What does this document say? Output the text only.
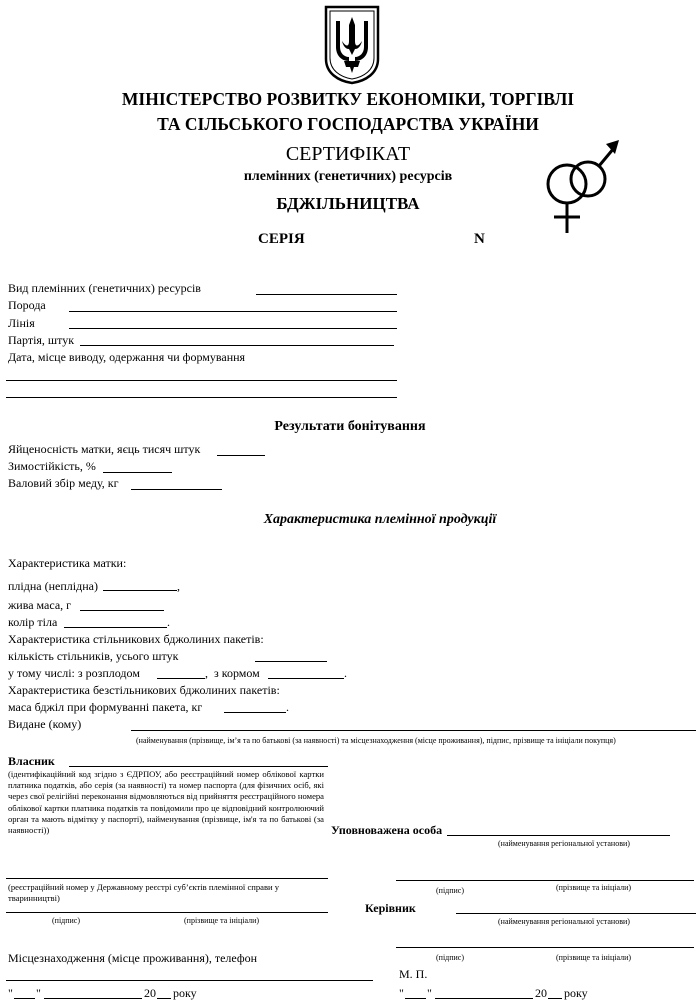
МІНІСТЕРСТВО РОЗВИТКУ ЕКОНОМІКИ, ТОРГІВЛІ
ТА СІЛЬСЬКОГО ГОСПОДАРСТВА УКРАЇНИ
СЕРТИФІКАТ
племінних (генетичних) ресурсів
БДЖІЛЬНИЦТВА
СЕРІЯ	N
Вид племінних (генетичних) ресурсів
Порода
Лінія
Партія, штук
Дата, місце виводу, одержання чи формування
Результати бонітування
Яйценосність матки, яєць тисяч штук
Зимостійкість, %
Валовий збір меду, кг
Характеристика племінної продукції
Характеристика матки:
плідна (неплідна)	,
жива маса, г
колір тіла	.
Характеристика стільникових бджолиних пакетів:
кількість стільників, усього штук
у тому числі: з розплодом	, з кормом	.
Характеристика безстільникових бджолиних пакетів:
маса бджіл при формуванні пакета, кг	.
Видане (кому)
(найменування (прізвище, ім’я та по батькові (за наявності) та місцезнаходження (місце проживання), підпис, прізвище та ініціали покупця)
Власник
(ідентифікаційний код згідно з ЄДРПОУ, або реєстраційний номер облікової картки платника податків, або серія (за наявності) та номер паспорта (для фізичних осіб, які через свої релігійні переконання відмовляються від прийняття реєстраційного номера облікової картки платника податків та повідомили про це відповідний контролюючий орган та мають відмітку у паспорті), найменування (прізвище, ім'я та по батькові (за наявності))
(реєстраційний номер у Державному реєстрі суб’єктів племінної справи у тваринництві)
(підпис)	(прізвище та ініціали)
Місцезнаходження (місце проживання), телефон
" "	20 року
Уповноважена особа
(найменування регіональної установи)
(підпис)	(прізвище та ініціали)
Керівник
(найменування регіональної установи)
(підпис)	(прізвище та ініціали)
М. П.
" "	20 року
